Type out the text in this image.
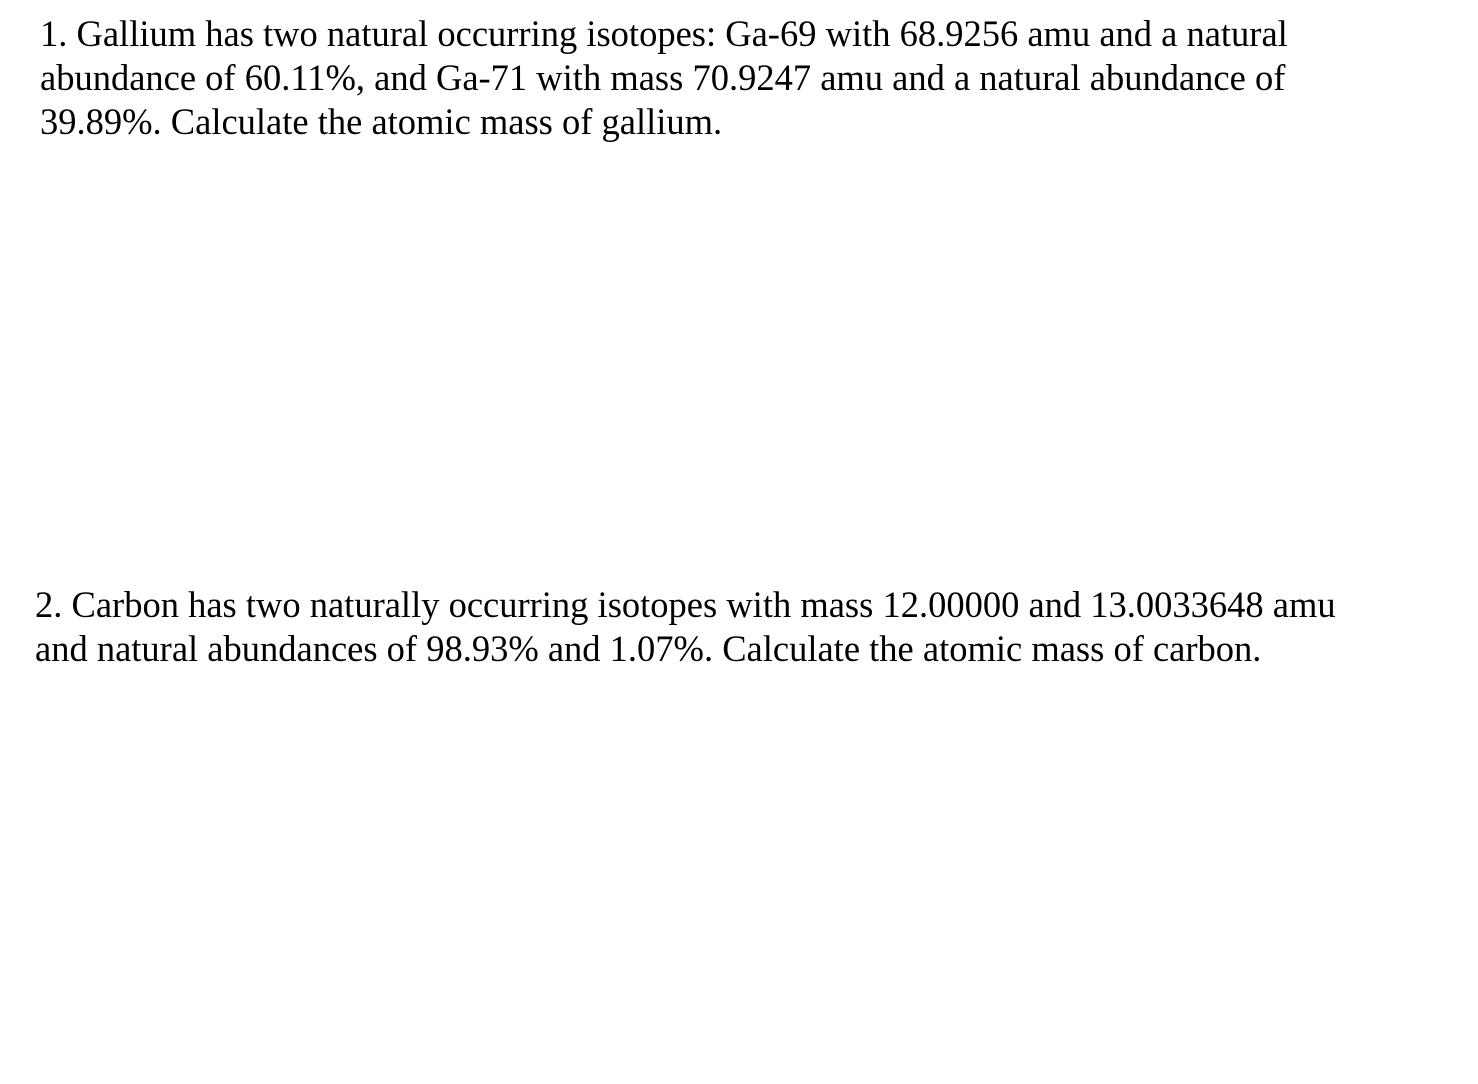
1. Gallium has two natural occurring isotopes: Ga-69 with 68.9256 amu and a natural
abundance of 60.11%, and Ga-71 with mass 70.9247 amu and a natural abundance of
39.89%. Calculate the atomic mass of gallium.

2. Carbon has two naturally occurring isotopes with mass 12.00000 and 13.0033648 amu
and natural abundances of 98.93% and 1.07%. Calculate the atomic mass of carbon.
